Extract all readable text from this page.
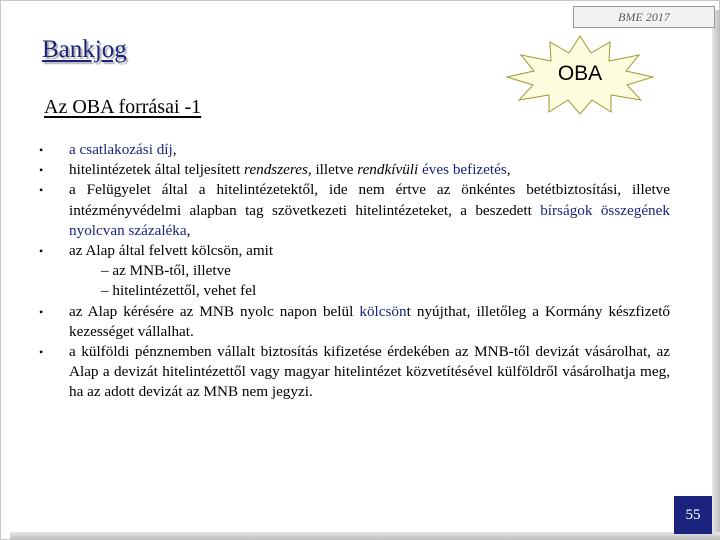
BME 2017
Bankjog
OBA
Az OBA forrásai -1
• a csatlakozási díj,
• hitelintézetek által teljesített rendszeres, illetve rendkívüli éves befizetés,
• a Felügyelet által a hitelintézetektől, ide nem értve az önkéntes betétbiztosítási, illetve intézményvédelmi alapban tag szövetkezeti hitelintézeteket, a beszedett bírságok összegének nyolcvan százaléka,
• az Alap által felvett kölcsön, amit
– az MNB-től, illetve
– hitelintézettől, vehet fel
• az Alap kérésére az MNB nyolc napon belül kölcsönt nyújthat, illetőleg a Kormány készfizető kezességet vállalhat.
• a külföldi pénznemben vállalt biztosítás kifizetése érdekében az MNB-től devizát vásárolhat, az Alap a devizát hitelintézettől vagy magyar hitelintézet közvetítésével külföldről vásárolhatja meg, ha az adott devizát az MNB nem jegyzi.
55
